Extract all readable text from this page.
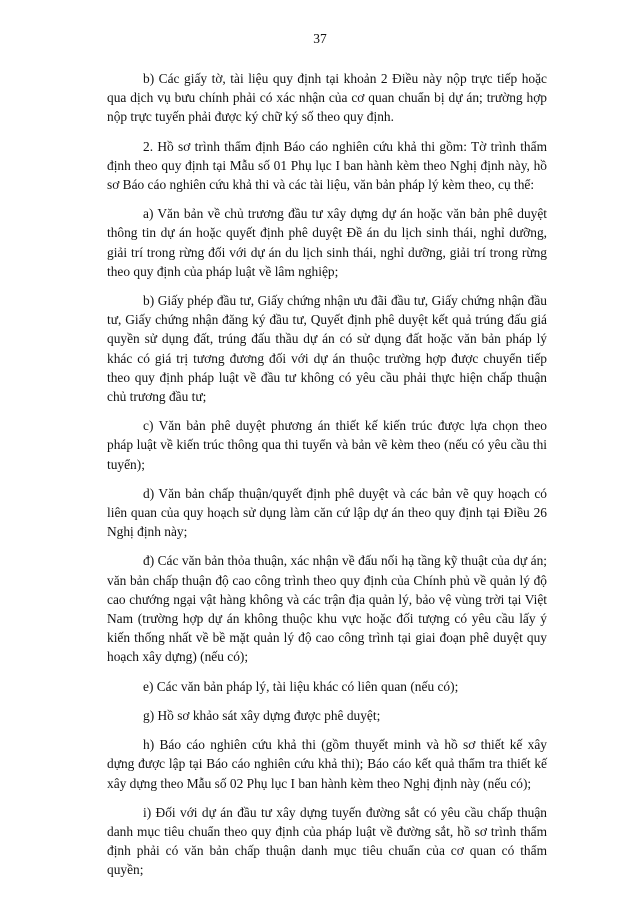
37

b) Các giấy tờ, tài liệu quy định tại khoản 2 Điều này nộp trực tiếp hoặc qua dịch vụ bưu chính phải có xác nhận của cơ quan chuẩn bị dự án; trường hợp nộp trực tuyến phải được ký chữ ký số theo quy định.

2. Hồ sơ trình thẩm định Báo cáo nghiên cứu khả thi gồm: Tờ trình thẩm định theo quy định tại Mẫu số 01 Phụ lục I ban hành kèm theo Nghị định này, hồ sơ Báo cáo nghiên cứu khả thi và các tài liệu, văn bản pháp lý kèm theo, cụ thể:

a) Văn bản về chủ trương đầu tư xây dựng dự án hoặc văn bản phê duyệt thông tin dự án hoặc quyết định phê duyệt Đề án du lịch sinh thái, nghỉ dưỡng, giải trí trong rừng đối với dự án du lịch sinh thái, nghỉ dưỡng, giải trí trong rừng theo quy định của pháp luật về lâm nghiệp;

b) Giấy phép đầu tư, Giấy chứng nhận ưu đãi đầu tư, Giấy chứng nhận đầu tư, Giấy chứng nhận đăng ký đầu tư, Quyết định phê duyệt kết quả trúng đấu giá quyền sử dụng đất, trúng đấu thầu dự án có sử dụng đất hoặc văn bản pháp lý khác có giá trị tương đương đối với dự án thuộc trường hợp được chuyển tiếp theo quy định pháp luật về đầu tư không có yêu cầu phải thực hiện chấp thuận chủ trương đầu tư;

c) Văn bản phê duyệt phương án thiết kế kiến trúc được lựa chọn theo pháp luật về kiến trúc thông qua thi tuyển và bản vẽ kèm theo (nếu có yêu cầu thi tuyển);

d) Văn bản chấp thuận/quyết định phê duyệt và các bản vẽ quy hoạch có liên quan của quy hoạch sử dụng làm căn cứ lập dự án theo quy định tại Điều 26 Nghị định này;

đ) Các văn bản thỏa thuận, xác nhận về đấu nối hạ tầng kỹ thuật của dự án; văn bản chấp thuận độ cao công trình theo quy định của Chính phủ về quản lý độ cao chướng ngại vật hàng không và các trận địa quản lý, bảo vệ vùng trời tại Việt Nam (trường hợp dự án không thuộc khu vực hoặc đối tượng có yêu cầu lấy ý kiến thống nhất về bề mặt quản lý độ cao công trình tại giai đoạn phê duyệt quy hoạch xây dựng) (nếu có);

e) Các văn bản pháp lý, tài liệu khác có liên quan (nếu có);

g) Hồ sơ khảo sát xây dựng được phê duyệt;

h) Báo cáo nghiên cứu khả thi (gồm thuyết minh và hồ sơ thiết kế xây dựng được lập tại Báo cáo nghiên cứu khả thi); Báo cáo kết quả thẩm tra thiết kế xây dựng theo Mẫu số 02 Phụ lục I ban hành kèm theo Nghị định này (nếu có);

i) Đối với dự án đầu tư xây dựng tuyến đường sắt có yêu cầu chấp thuận danh mục tiêu chuẩn theo quy định của pháp luật về đường sắt, hồ sơ trình thẩm định phải có văn bản chấp thuận danh mục tiêu chuẩn của cơ quan có thẩm quyền;
